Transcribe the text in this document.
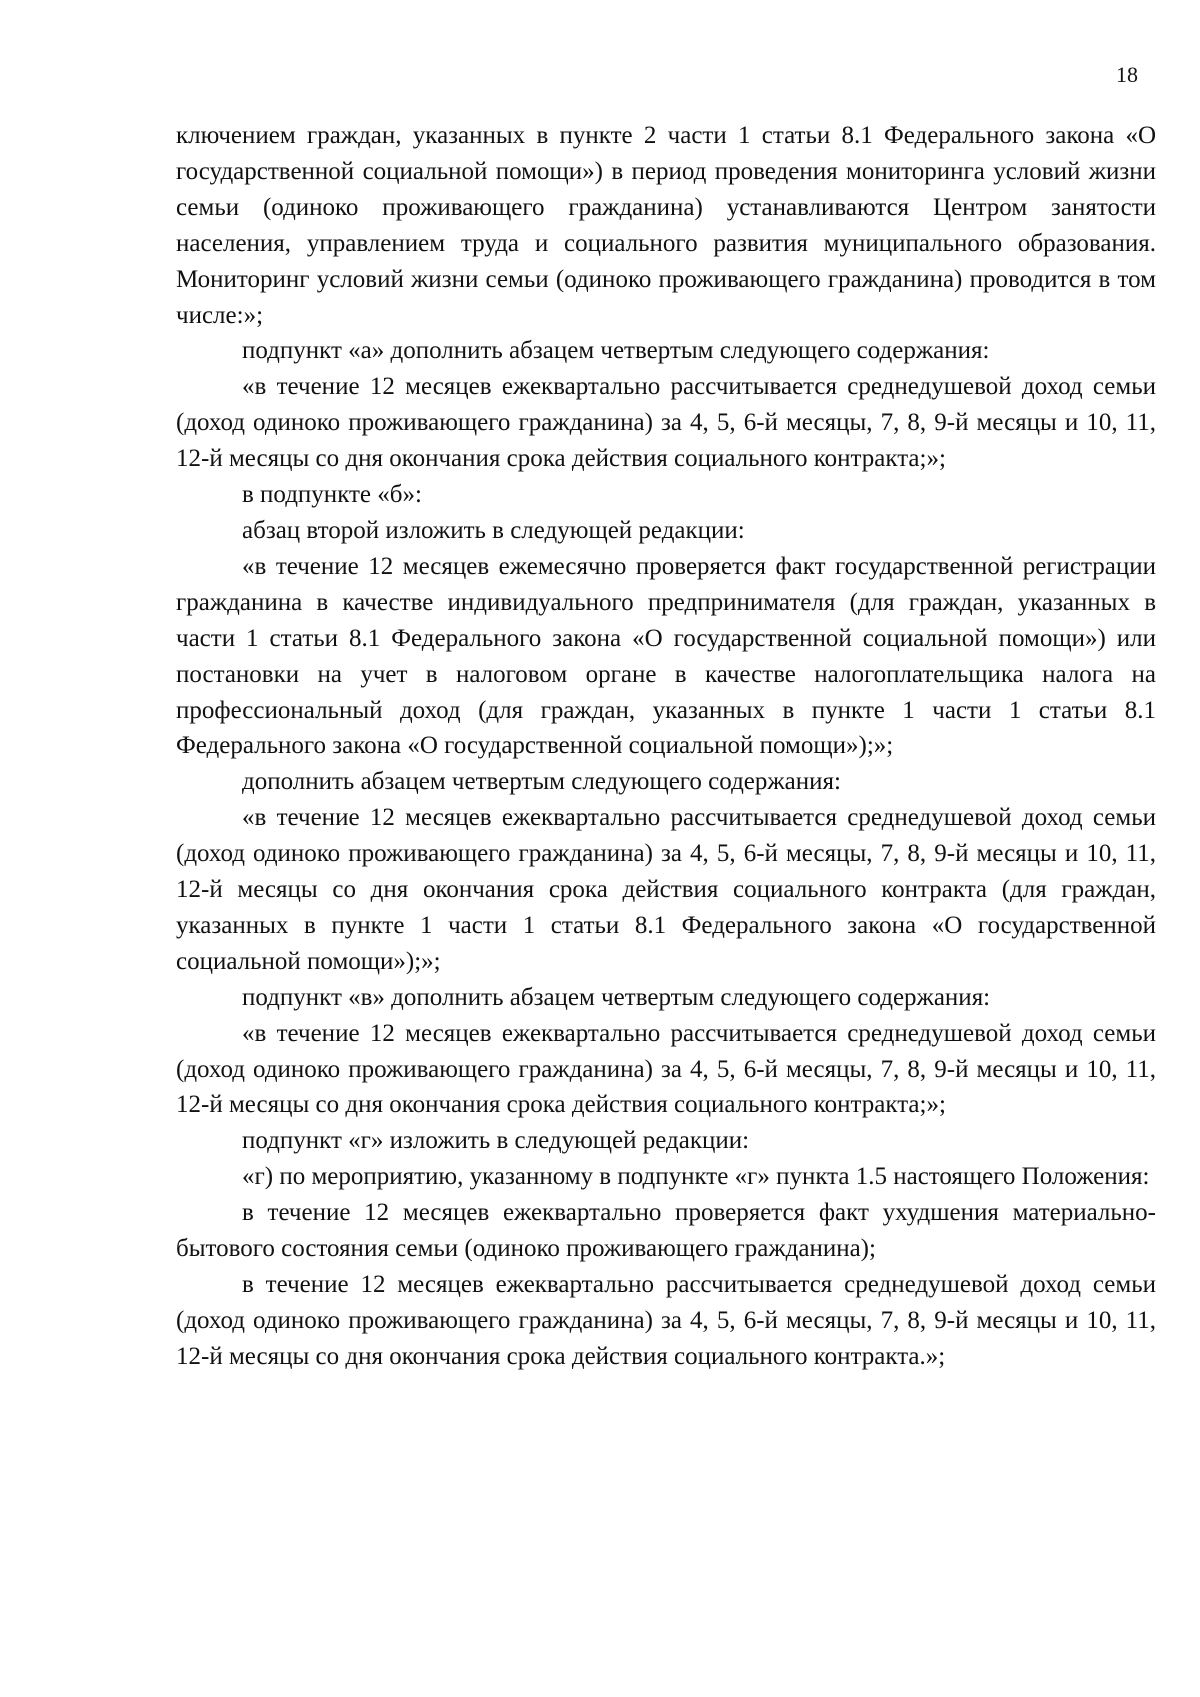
18

ключением граждан, указанных в пункте 2 части 1 статьи 8.1 Федерального закона «О государственной социальной помощи») в период проведения мониторинга условий жизни семьи (одиноко проживающего гражданина) устанавливаются Центром занятости населения, управлением труда и социального развития муниципального образования. Мониторинг условий жизни семьи (одиноко проживающего гражданина) проводится в том числе:»;

подпункт «а» дополнить абзацем четвертым следующего содержания:

«в течение 12 месяцев ежеквартально рассчитывается среднедушевой доход семьи (доход одиноко проживающего гражданина) за 4, 5, 6-й месяцы, 7, 8, 9-й месяцы и 10, 11, 12-й месяцы со дня окончания срока действия социального контракта;»;

в подпункте «б»:

абзац второй изложить в следующей редакции:

«в течение 12 месяцев ежемесячно проверяется факт государственной регистрации гражданина в качестве индивидуального предпринимателя (для граждан, указанных в части 1 статьи 8.1 Федерального закона «О государственной социальной помощи») или постановки на учет в налоговом органе в качестве налогоплательщика налога на профессиональный доход (для граждан, указанных в пункте 1 части 1 статьи 8.1 Федерального закона «О государственной социальной помощи»);»;

дополнить абзацем четвертым следующего содержания:

«в течение 12 месяцев ежеквартально рассчитывается среднедушевой доход семьи (доход одиноко проживающего гражданина) за 4, 5, 6-й месяцы, 7, 8, 9-й месяцы и 10, 11, 12-й месяцы со дня окончания срока действия социального контракта (для граждан, указанных в пункте 1 части 1 статьи 8.1 Федерального закона «О государственной социальной помощи»);»;

подпункт «в» дополнить абзацем четвертым следующего содержания:

«в течение 12 месяцев ежеквартально рассчитывается среднедушевой доход семьи (доход одиноко проживающего гражданина) за 4, 5, 6-й месяцы, 7, 8, 9-й месяцы и 10, 11, 12-й месяцы со дня окончания срока действия социального контракта;»;

подпункт «г» изложить в следующей редакции:

«г) по мероприятию, указанному в подпункте «г» пункта 1.5 настоящего Положения:

в течение 12 месяцев ежеквартально проверяется факт ухудшения материально-бытового состояния семьи (одиноко проживающего гражданина);

в течение 12 месяцев ежеквартально рассчитывается среднедушевой доход семьи (доход одиноко проживающего гражданина) за 4, 5, 6-й месяцы, 7, 8, 9-й месяцы и 10, 11, 12-й месяцы со дня окончания срока действия социального контракта.»;
